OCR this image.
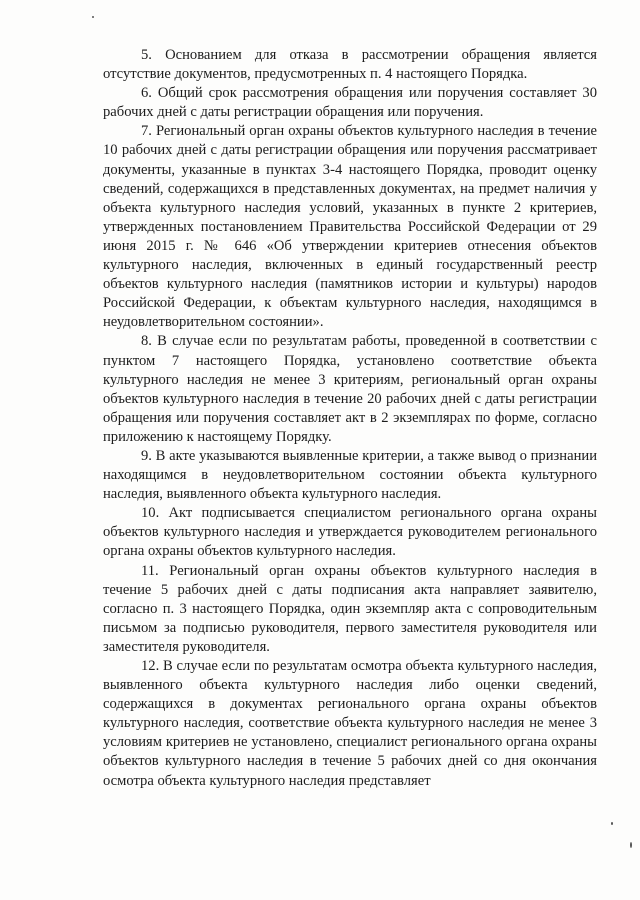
5. Основанием для отказа в рассмотрении обращения является отсутствие документов, предусмотренных п. 4 настоящего Порядка.

6. Общий срок рассмотрения обращения или поручения составляет 30 рабочих дней с даты регистрации обращения или поручения.

7. Региональный орган охраны объектов культурного наследия в течение 10 рабочих дней с даты регистрации обращения или поручения рассматривает документы, указанные в пунктах 3-4 настоящего Порядка, проводит оценку сведений, содержащихся в представленных документах, на предмет наличия у объекта культурного наследия условий, указанных в пункте 2 критериев, утвержденных постановлением Правительства Российской Федерации от 29 июня 2015 г. № 646 «Об утверждении критериев отнесения объектов культурного наследия, включенных в единый государственный реестр объектов культурного наследия (памятников истории и культуры) народов Российской Федерации, к объектам культурного наследия, находящимся в неудовлетворительном состоянии».

8. В случае если по результатам работы, проведенной в соответствии с пунктом 7 настоящего Порядка, установлено соответствие объекта культурного наследия не менее 3 критериям, региональный орган охраны объектов культурного наследия в течение 20 рабочих дней с даты регистрации обращения или поручения составляет акт в 2 экземплярах по форме, согласно приложению к настоящему Порядку.

9. В акте указываются выявленные критерии, а также вывод о признании находящимся в неудовлетворительном состоянии объекта культурного наследия, выявленного объекта культурного наследия.

10. Акт подписывается специалистом регионального органа охраны объектов культурного наследия и утверждается руководителем регионального органа охраны объектов культурного наследия.

11. Региональный орган охраны объектов культурного наследия в течение 5 рабочих дней с даты подписания акта направляет заявителю, согласно п. 3 настоящего Порядка, один экземпляр акта с сопроводительным письмом за подписью руководителя, первого заместителя руководителя или заместителя руководителя.

12. В случае если по результатам осмотра объекта культурного наследия, выявленного объекта культурного наследия либо оценки сведений, содержащихся в документах регионального органа охраны объектов культурного наследия, соответствие объекта культурного наследия не менее 3 условиям критериев не установлено, специалист регионального органа охраны объектов культурного наследия в течение 5 рабочих дней со дня окончания осмотра объекта культурного наследия представляет
